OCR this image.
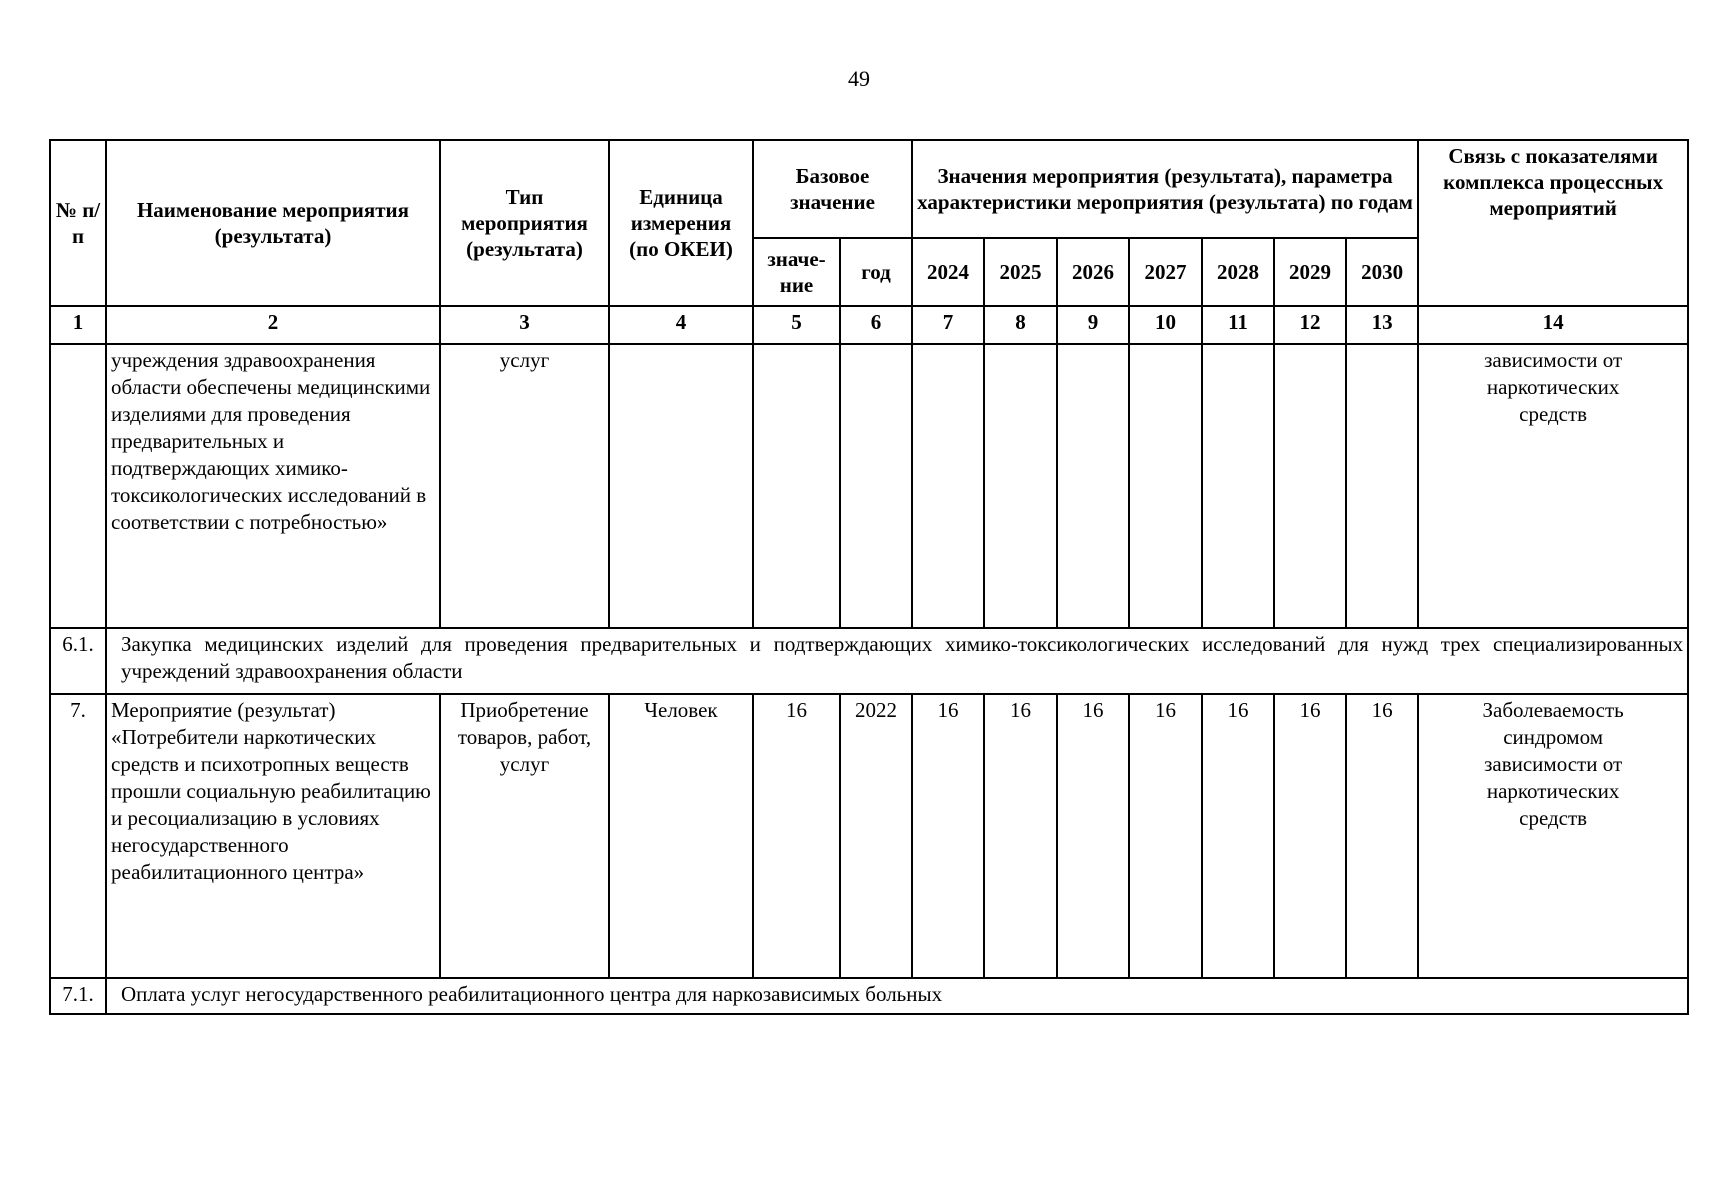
49
№ п/п	Наименование мероприятия (результата)	Тип мероприятия (результата)	Единица измерения (по ОКЕИ)	Базовое значение		Значения мероприятия (результата), параметра характеристики мероприятия (результата) по годам							Связь с показателями комплекса процессных мероприятий
				значе-ние	год	2024	2025	2026	2027	2028	2029	2030	
1	2	3	4	5	6	7	8	9	10	11	12	13	14
	учреждения здравоохранения области обеспечены медицинскими изделиями для проведения предварительных и подтверждающих химико-токсикологических исследований в соответствии с потребностью»	услуг											зависимости от наркотических средств
6.1.	Закупка медицинских изделий для проведения предварительных и подтверждающих химико-токсикологических исследований для нужд трех специализированных учреждений здравоохранения области												
7.	Мероприятие (результат) «Потребители наркотических средств и психотропных веществ прошли социальную реабилитацию и ресоциализацию в условиях негосударственного реабилитационного центра»	Приобретение товаров, работ, услуг	Человек	16	2022	16	16	16	16	16	16	16	Заболеваемость синдромом зависимости от наркотических средств
7.1.	Оплата услуг негосударственного реабилитационного центра для наркозависимых больных												
